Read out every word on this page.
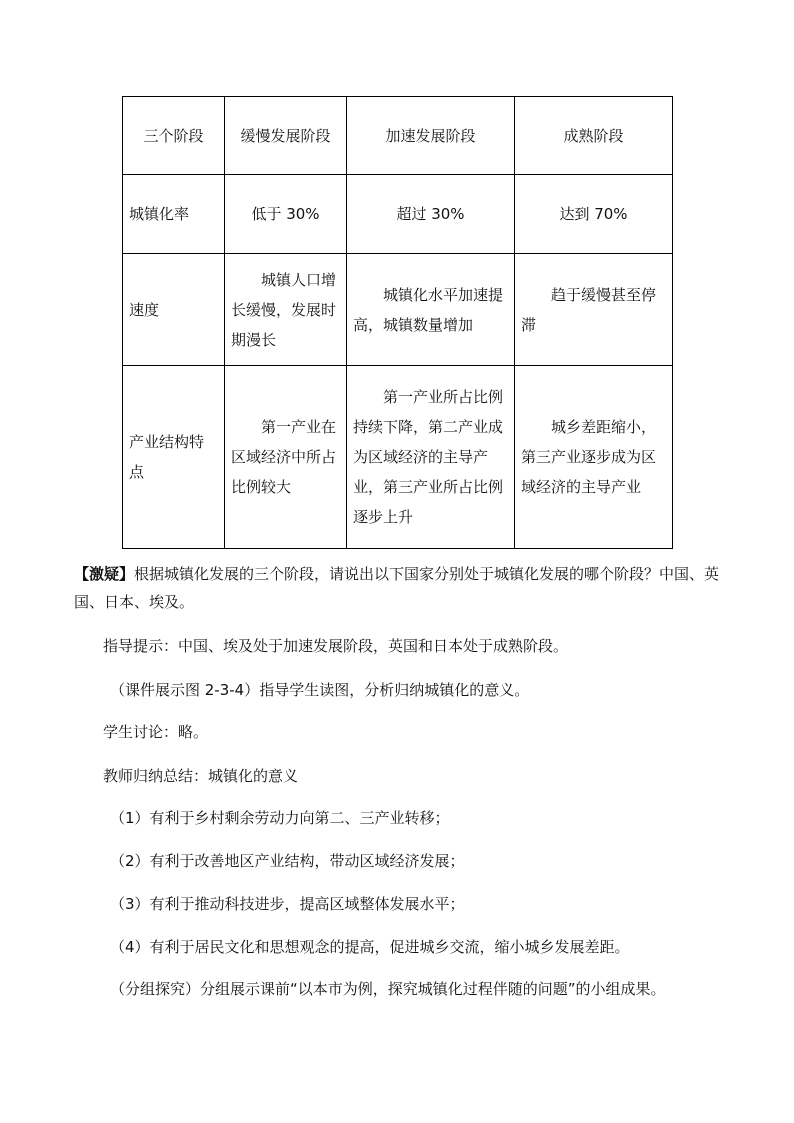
三个阶段	缓慢发展阶段	加速发展阶段	成熟阶段
城镇化率	低于 30%	超过 30%	达到 70%
速度	城镇人口增长缓慢，发展时期漫长	城镇化水平加速提高，城镇数量增加	趋于缓慢甚至停滞
产业结构特点	第一产业在区域经济中所占比例较大	第一产业所占比例持续下降，第二产业成为区域经济的主导产业，第三产业所占比例逐步上升	城乡差距缩小，第三产业逐步成为区域经济的主导产业
【激疑】根据城镇化发展的三个阶段，请说出以下国家分别处于城镇化发展的哪个阶段？中国、英国、日本、埃及。
指导提示：中国、埃及处于加速发展阶段，英国和日本处于成熟阶段。
（课件展示图 2-3-4）指导学生读图，分析归纳城镇化的意义。
学生讨论：略。
教师归纳总结：城镇化的意义
（1）有利于乡村剩余劳动力向第二、三产业转移；
（2）有利于改善地区产业结构，带动区域经济发展；
（3）有利于推动科技进步，提高区域整体发展水平；
（4）有利于居民文化和思想观念的提高，促进城乡交流，缩小城乡发展差距。
（分组探究）分组展示课前“以本市为例，探究城镇化过程伴随的问题”的小组成果。
